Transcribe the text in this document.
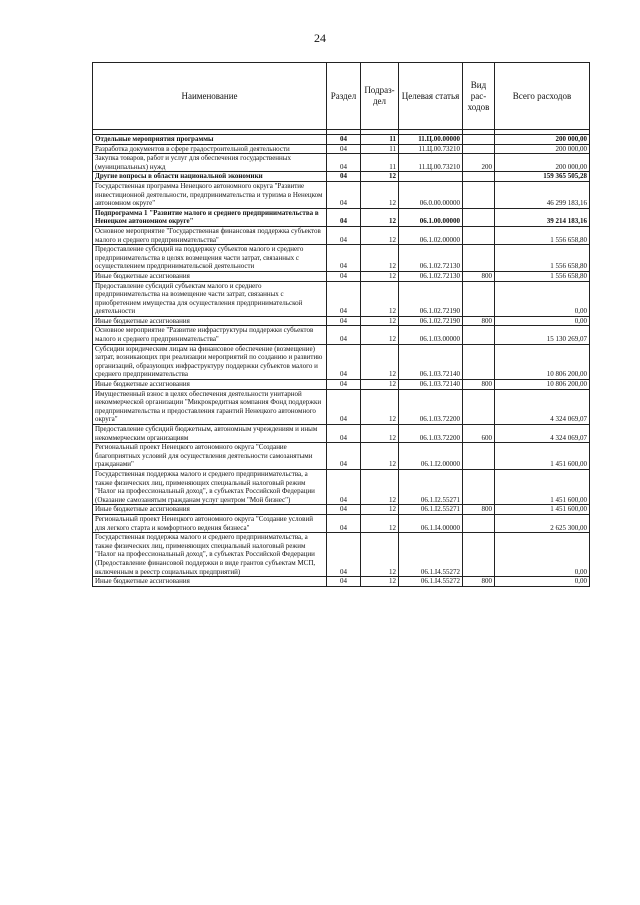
24
Наименование	Раздел	Подраз-дел	Целевая статья	Вид рас-ходов	Всего расходов

Отдельные мероприятия программы	04	11	11.Ц.00.00000		200 000,00
Разработка документов в сфере градостроительной деятельности	04	11	11.Ц.00.73210		200 000,00
Закупка товаров, работ и услуг для обеспечения государственных (муниципальных) нужд	04	11	11.Ц.00.73210	200	200 000,00
Другие вопросы в области национальной экономики	04	12			159 365 505,28
Государственная программа Ненецкого автономного округа "Развитие инвестиционной деятельности, предпринимательства и туризма в Ненецком автономном округе"	04	12	06.0.00.00000		46 299 183,16
Подпрограмма 1 "Развитие малого и среднего предпринимательства в Ненецком автономном округе"	04	12	06.1.00.00000		39 214 183,16
Основное мероприятие "Государственная финансовая поддержка субъектов малого и среднего предпринимательства"	04	12	06.1.02.00000		1 556 658,80
Предоставление субсидий на поддержку субъектов малого и среднего предпринимательства в целях возмещения части затрат, связанных с осуществлением предпринимательской деятельности	04	12	06.1.02.72130		1 556 658,80
Иные бюджетные ассигнования	04	12	06.1.02.72130	800	1 556 658,80
Предоставление субсидий субъектам малого и среднего предпринимательства на возмещение части затрат, связанных с приобретением имущества для осуществления предпринимательской деятельности	04	12	06.1.02.72190		0,00
Иные бюджетные ассигнования	04	12	06.1.02.72190	800	0,00
Основное мероприятие "Развитие инфраструктуры поддержки субъектов малого и среднего предпринимательства"	04	12	06.1.03.00000		15 130 269,07
Субсидии юридическим лицам на финансовое обеспечение (возмещение) затрат, возникающих при реализации мероприятий по созданию и развитию организаций, образующих инфраструктуру поддержки субъектов малого и среднего предпринимательства	04	12	06.1.03.72140		10 806 200,00
Иные бюджетные ассигнования	04	12	06.1.03.72140	800	10 806 200,00
Имущественный взнос в целях обеспечения деятельности унитарной некоммерческой организации "Микрокредитная компания Фонд поддержки предпринимательства и предоставления гарантий Ненецкого автономного округа"	04	12	06.1.03.72200		4 324 069,07
Предоставление субсидий бюджетным, автономным учреждениям и иным некоммерческим организациям	04	12	06.1.03.72200	600	4 324 069,07
Региональный проект Ненецкого автономного округа "Создание благоприятных условий для осуществления деятельности самозанятыми гражданами"	04	12	06.1.I2.00000		1 451 600,00
Государственная поддержка малого и среднего предпринимательства, а также физических лиц, применяющих специальный налоговый режим "Налог на профессиональный доход", в субъектах Российской Федерации (Оказание самозанятым гражданам услуг центром "Мой бизнес")	04	12	06.1.I2.55271		1 451 600,00
Иные бюджетные ассигнования	04	12	06.1.I2.55271	800	1 451 600,00
Региональный проект Ненецкого автономного округа "Создание условий для легкого старта и комфортного ведения бизнеса"	04	12	06.1.I4.00000		2 625 300,00
Государственная поддержка малого и среднего предпринимательства, а также физических лиц, применяющих специальный налоговый режим "Налог на профессиональный доход", в субъектах Российской Федерации (Предоставление финансовой поддержки в виде грантов субъектам МСП, включенным в реестр социальных предприятий)	04	12	06.1.I4.55272		0,00
Иные бюджетные ассигнования	04	12	06.1.I4.55272	800	0,00
